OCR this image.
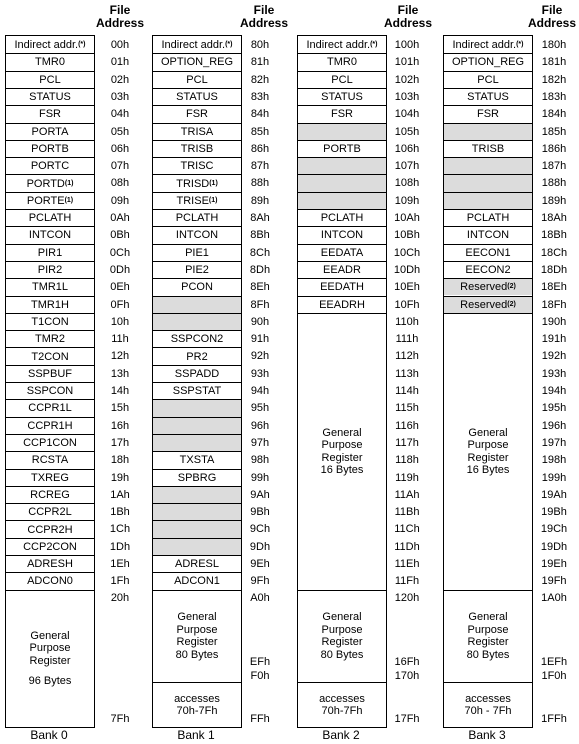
File
Address
Indirect addr. (*)
TMR0
PCL
STATUS
FSR
PORTA
PORTB
PORTC
PORTD (1)
PORTE (1)
PCLATH
INTCON
PIR1
PIR2
TMR1L
TMR1H
T1CON
TMR2
T2CON
SSPBUF
SSPCON
CCPR1L
CCPR1H
CCP1CON
RCSTA
TXREG
RCREG
CCPR2L
CCPR2H
CCP2CON
ADRESH
ADCON0
General
Purpose
Register
96 Bytes
00h
01h
02h
03h
04h
05h
06h
07h
08h
09h
0Ah
0Bh
0Ch
0Dh
0Eh
0Fh
10h
11h
12h
13h
14h
15h
16h
17h
18h
19h
1Ah
1Bh
1Ch
1Dh
1Eh
1Fh
20h
7Fh
Bank 0
File
Address
Indirect addr. (*)
OPTION_REG
PCL
STATUS
FSR
TRISA
TRISB
TRISC
TRISD (1)
TRISE (1)
PCLATH
INTCON
PIE1
PIE2
PCON
SSPCON2
PR2
SSPADD
SSPSTAT
TXSTA
SPBRG
ADRESL
ADCON1
General
Purpose
Register
80 Bytes
accesses
70h-7Fh
80h
81h
82h
83h
84h
85h
86h
87h
88h
89h
8Ah
8Bh
8Ch
8Dh
8Eh
8Fh
90h
91h
92h
93h
94h
95h
96h
97h
98h
99h
9Ah
9Bh
9Ch
9Dh
9Eh
9Fh
A0h
EFh
F0h
FFh
Bank 1
File
Address
Indirect addr. (*)
TMR0
PCL
STATUS
FSR
PORTB
PCLATH
INTCON
EEDATA
EEADR
EEDATH
EEADRH
General
Purpose
Register
16 Bytes
General
Purpose
Register
80 Bytes
accesses
70h-7Fh
100h
101h
102h
103h
104h
105h
106h
107h
108h
109h
10Ah
10Bh
10Ch
10Dh
10Eh
10Fh
110h
111h
112h
113h
114h
115h
116h
117h
118h
119h
11Ah
11Bh
11Ch
11Dh
11Eh
11Fh
120h
16Fh
170h
17Fh
Bank 2
File
Address
Indirect addr. (*)
OPTION_REG
PCL
STATUS
FSR
TRISB
PCLATH
INTCON
EECON1
EECON2
Reserved (2)
Reserved (2)
General
Purpose
Register
16 Bytes
General
Purpose
Register
80 Bytes
accesses
70h - 7Fh
180h
181h
182h
183h
184h
185h
186h
187h
188h
189h
18Ah
18Bh
18Ch
18Dh
18Eh
18Fh
190h
191h
192h
193h
194h
195h
196h
197h
198h
199h
19Ah
19Bh
19Ch
19Dh
19Eh
19Fh
1A0h
1EFh
1F0h
1FFh
Bank 3
